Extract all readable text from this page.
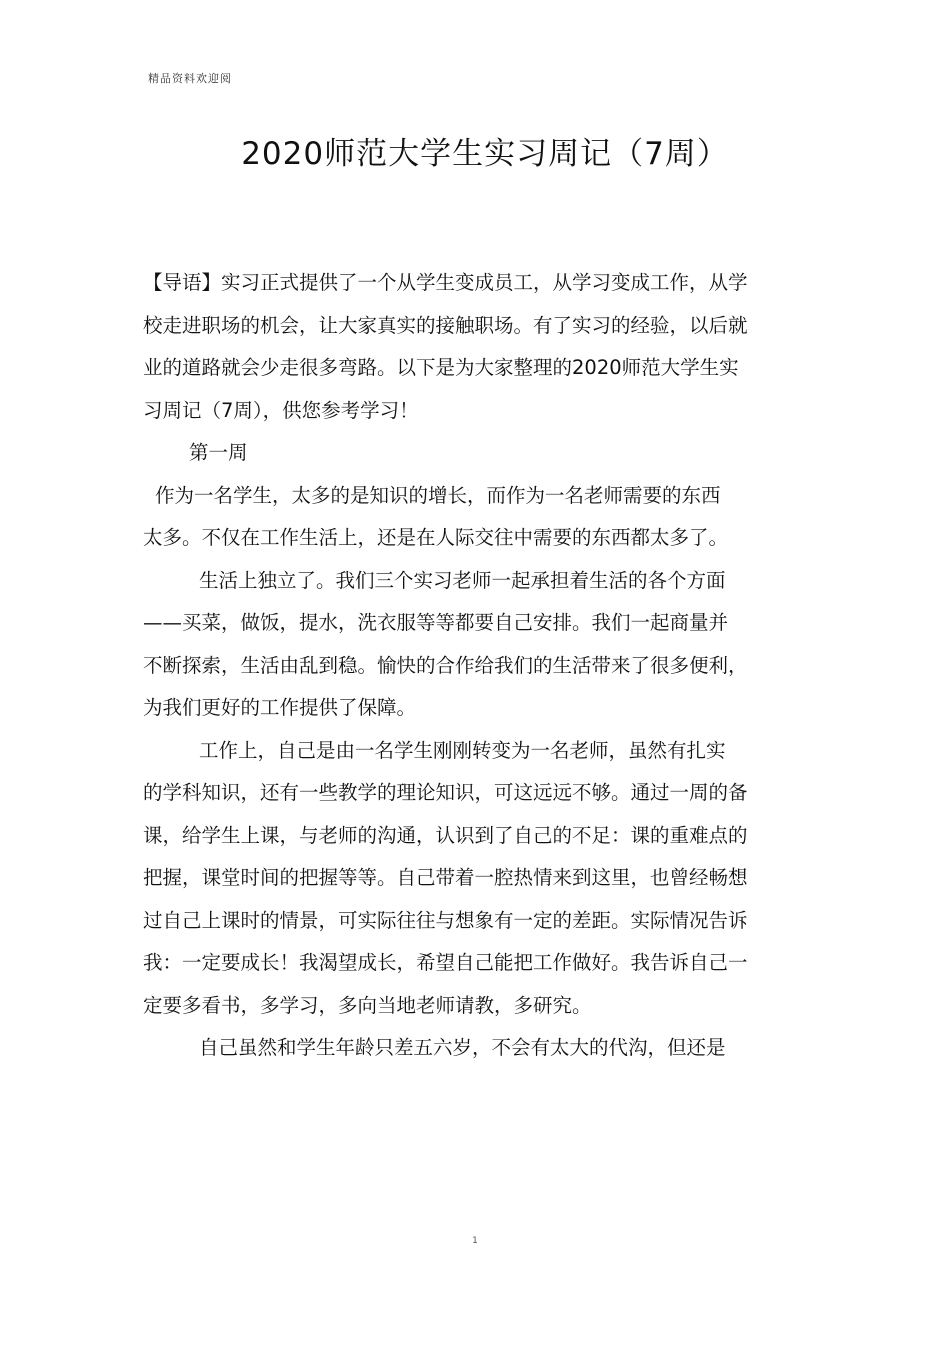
精品资料欢迎阅
2020师范大学生实习周记（7周）

【导语】实习正式提供了一个从学生变成员工，从学习变成工作，从学
校走进职场的机会，让大家真实的接触职场。有了实习的经验，以后就
业的道路就会少走很多弯路。以下是为大家整理的2020师范大学生实
习周记（7周），供您参考学习！

第一周

作为一名学生，太多的是知识的增长，而作为一名老师需要的东西
太多。不仅在工作生活上，还是在人际交往中需要的东西都太多了。

生活上独立了。我们三个实习老师一起承担着生活的各个方面
——买菜，做饭，提水，洗衣服等等都要自己安排。我们一起商量并
不断探索，生活由乱到稳。愉快的合作给我们的生活带来了很多便利，
为我们更好的工作提供了保障。

工作上，自己是由一名学生刚刚转变为一名老师，虽然有扎实
的学科知识，还有一些教学的理论知识，可这远远不够。通过一周的备
课，给学生上课，与老师的沟通，认识到了自己的不足：课的重难点的
把握，课堂时间的把握等等。自己带着一腔热情来到这里，也曾经畅想
过自己上课时的情景，可实际往往与想象有一定的差距。实际情况告诉
我：一定要成长！我渴望成长，希望自己能把工作做好。我告诉自己一
定要多看书，多学习，多向当地老师请教，多研究。

自己虽然和学生年龄只差五六岁，不会有太大的代沟，但还是

1
